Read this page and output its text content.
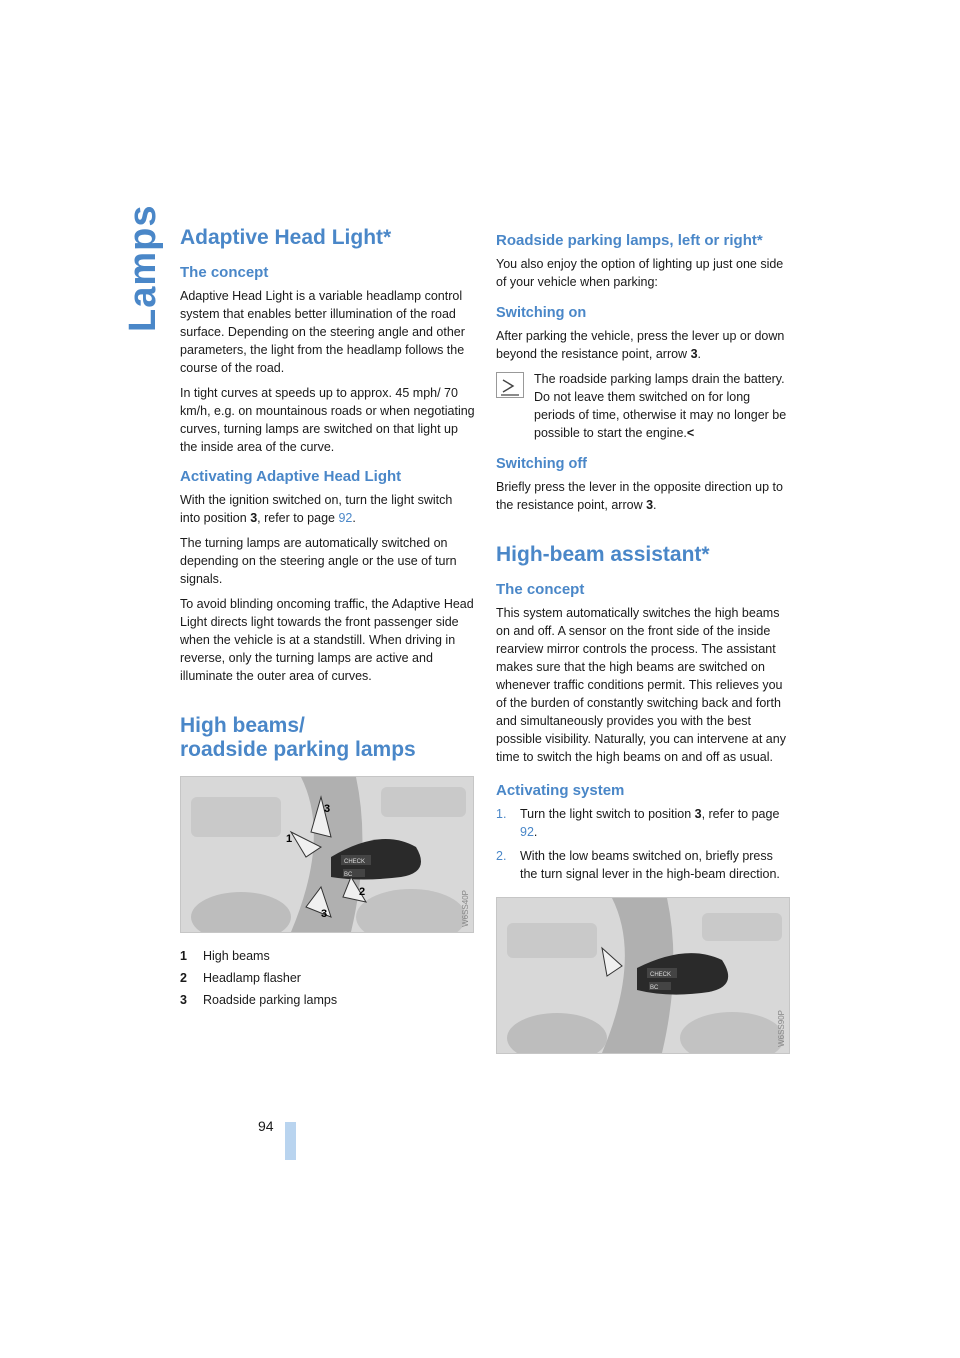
Lamps
94
Adaptive Head Light*
The concept

Adaptive Head Light is a variable headlamp control system that enables better illumination of the road surface. Depending on the steering angle and other parameters, the light from the headlamp follows the course of the road.

In tight curves at speeds up to approx. 45 mph/ 70 km/h, e.g. on mountainous roads or when negotiating curves, turning lamps are switched on that light up the inside area of the curve.

Activating Adaptive Head Light

With the ignition switched on, turn the light switch into position 3, refer to page 92.

The turning lamps are automatically switched on depending on the steering angle or the use of turn signals.

To avoid blinding oncoming traffic, the Adaptive Head Light directs light towards the front passenger side when the vehicle is at a standstill. When driving in reverse, only the turning lamps are active and illuminate the outer area of curves.

High beams/
roadside parking lamps
3
1
2
3
CHECK
BC
W6SS40P
1	High beams
2	Headlamp flasher
3	Roadside parking lamps
Roadside parking lamps, left or right*

You also enjoy the option of lighting up just one side of your vehicle when parking:

Switching on

After parking the vehicle, press the lever up or down beyond the resistance point, arrow 3.

The roadside parking lamps drain the battery. Do not leave them switched on for long periods of time, otherwise it may no longer be possible to start the engine.<

Switching off

Briefly press the lever in the opposite direction up to the resistance point, arrow 3.

High-beam assistant*
The concept

This system automatically switches the high beams on and off. A sensor on the front side of the inside rearview mirror controls the process. The assistant makes sure that the high beams are switched on whenever traffic conditions permit. This relieves you of the burden of constantly switching back and forth and simultaneously provides you with the best possible visibility. Naturally, you can intervene at any time to switch the high beams on and off as usual.

Activating system
1. Turn the light switch to position 3, refer to page 92.
2. With the low beams switched on, briefly press the turn signal lever in the high-beam direction.
CHECK
BC
W6SS90P
